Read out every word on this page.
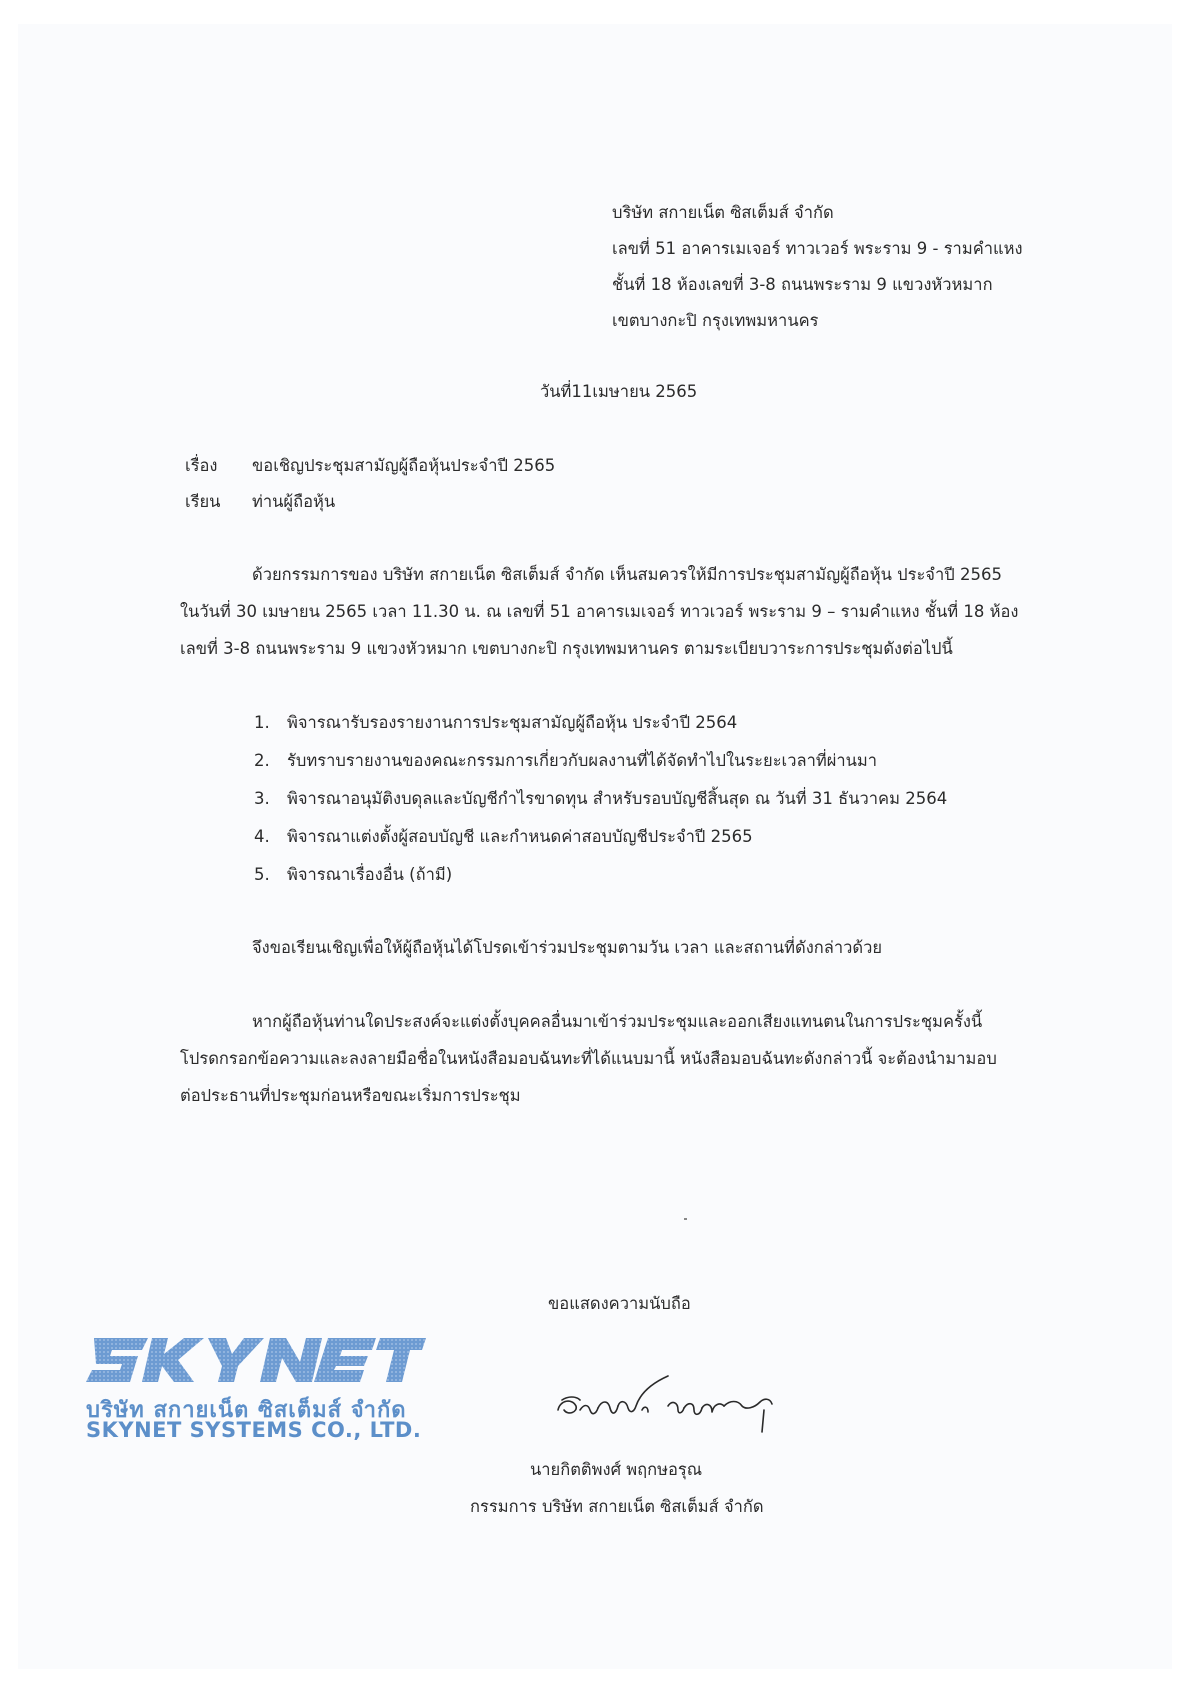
บริษัท สกายเน็ต ซิสเต็มส์ จำกัด
เลขที่ 51 อาคารเมเจอร์ ทาวเวอร์ พระราม 9 - รามคำแหง
ชั้นที่ 18 ห้องเลขที่ 3-8 ถนนพระราม 9 แขวงหัวหมาก
เขตบางกะปิ กรุงเทพมหานคร
วันที่11เมษายน 2565
เรื่อง ขอเชิญประชุมสามัญผู้ถือหุ้นประจำปี 2565
เรียน ท่านผู้ถือหุ้น
ด้วยกรรมการของ บริษัท สกายเน็ต ซิสเต็มส์ จำกัด เห็นสมควรให้มีการประชุมสามัญผู้ถือหุ้น ประจำปี 2565
ในวันที่ 30 เมษายน 2565 เวลา 11.30 น. ณ เลขที่ 51 อาคารเมเจอร์ ทาวเวอร์ พระราม 9 – รามคำแหง ชั้นที่ 18 ห้อง
เลขที่ 3-8 ถนนพระราม 9 แขวงหัวหมาก เขตบางกะปิ กรุงเทพมหานคร ตามระเบียบวาระการประชุมดังต่อไปนี้
1. พิจารณารับรองรายงานการประชุมสามัญผู้ถือหุ้น ประจำปี 2564
2. รับทราบรายงานของคณะกรรมการเกี่ยวกับผลงานที่ได้จัดทำไปในระยะเวลาที่ผ่านมา
3. พิจารณาอนุมัติงบดุลและบัญชีกำไรขาดทุน สำหรับรอบบัญชีสิ้นสุด ณ วันที่ 31 ธันวาคม 2564
4. พิจารณาแต่งตั้งผู้สอบบัญชี และกำหนดค่าสอบบัญชีประจำปี 2565
5. พิจารณาเรื่องอื่น (ถ้ามี)
จึงขอเรียนเชิญเพื่อให้ผู้ถือหุ้นได้โปรดเข้าร่วมประชุมตามวัน เวลา และสถานที่ดังกล่าวด้วย
หากผู้ถือหุ้นท่านใดประสงค์จะแต่งตั้งบุคคลอื่นมาเข้าร่วมประชุมและออกเสียงแทนตนในการประชุมครั้งนี้
โปรดกรอกข้อความและลงลายมือชื่อในหนังสือมอบฉันทะที่ได้แนบมานี้ หนังสือมอบฉันทะดังกล่าวนี้ จะต้องนำมามอบ
ต่อประธานที่ประชุมก่อนหรือขณะเริ่มการประชุม
ขอแสดงความนับถือ
บริษัท สกายเน็ต ซิสเต็มส์ จำกัด
SKYNET SYSTEMS CO., LTD.
นายกิตติพงศ์ พฤกษอรุณ
กรรมการ บริษัท สกายเน็ต ซิสเต็มส์ จำกัด
